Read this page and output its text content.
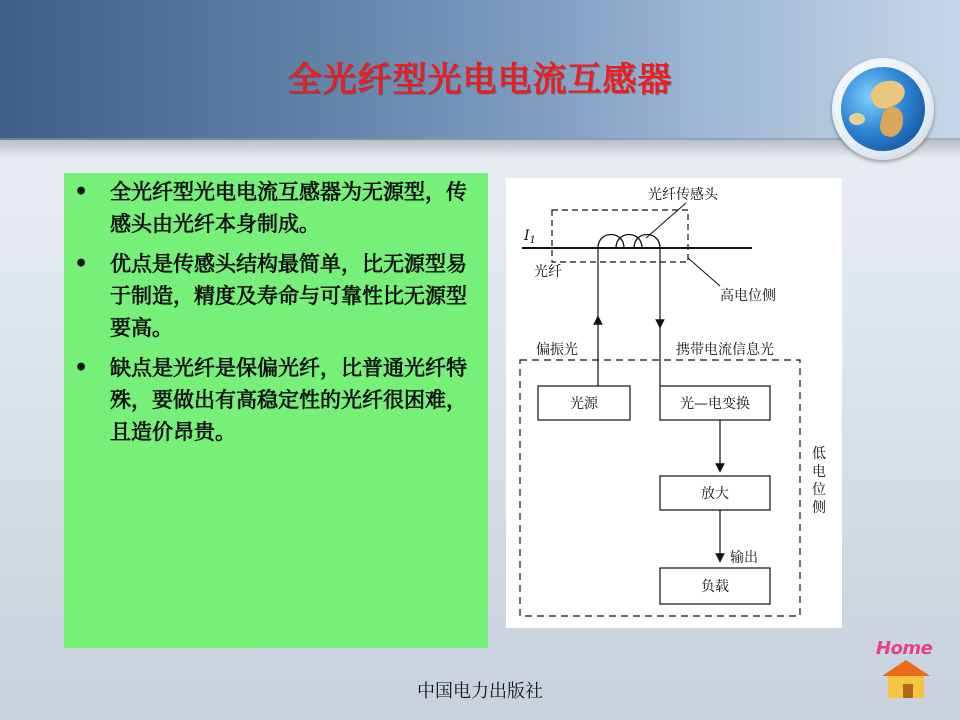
全光纤型光电电流互感器
• 全光纤型光电电流互感器为无源型，传感头由光纤本身制成。
• 优点是传感头结构最简单，比无源型易于制造，精度及寿命与可靠性比无源型要高。
• 缺点是光纤是保偏光纤，比普通光纤特殊，要做出有高稳定性的光纤很困难，且造价昂贵。
光纤传感头
$I_1$
光纤
高电位侧
偏振光	携带电流信息光
光源	光—电变换
放大
输出
负载
低
电
位
侧
中国电力出版社
Home
